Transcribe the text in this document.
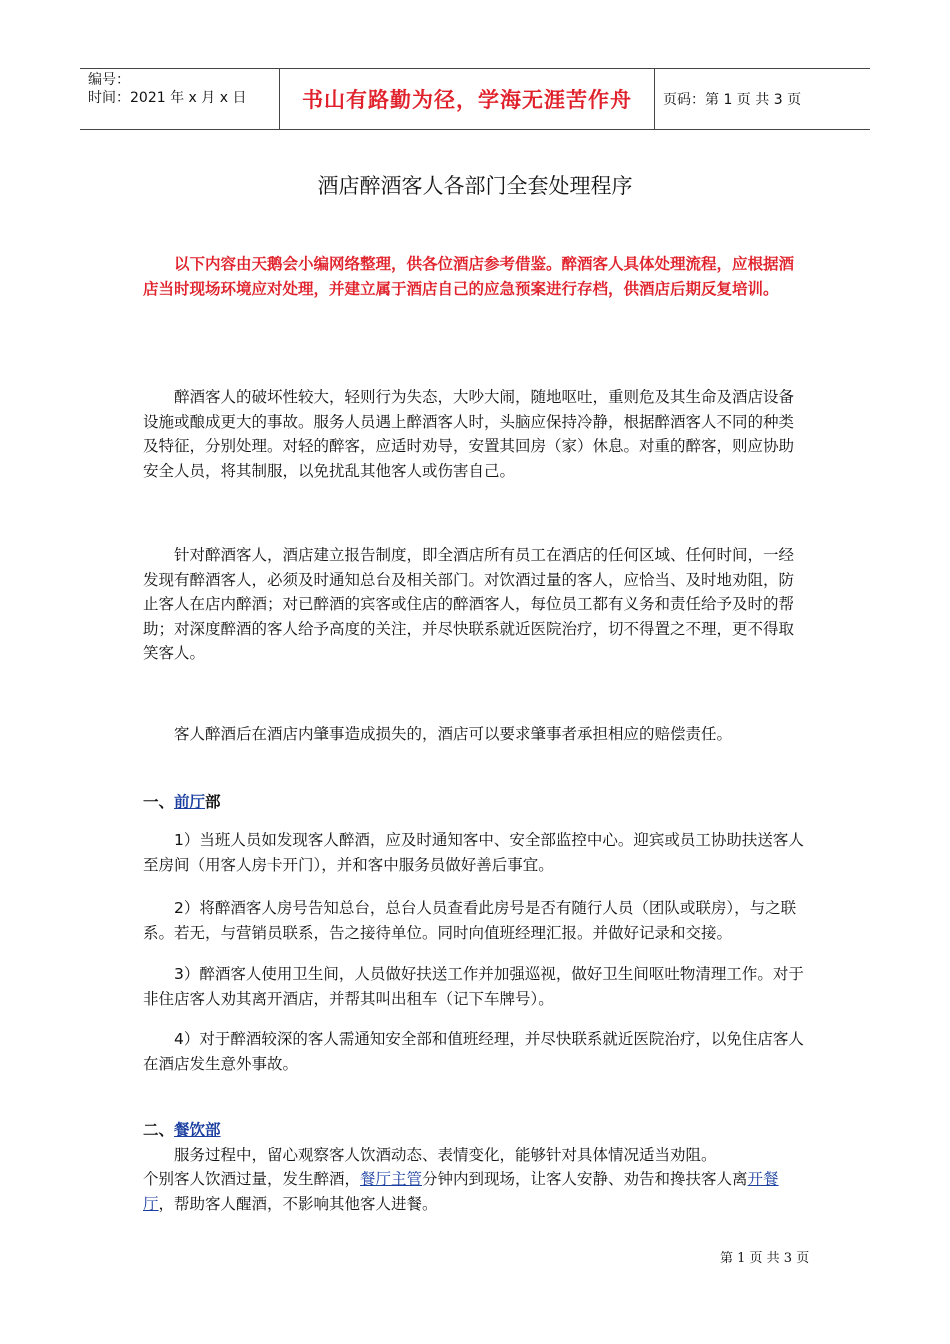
编号：
时间：2021 年 x 月 x 日	书山有路勤为径，学海无涯苦作舟	页码：第 1 页 共 3 页
酒店醉酒客人各部门全套处理程序

以下内容由天鹅会小编网络整理，供各位酒店参考借鉴。醉酒客人具体处理流程，应根据酒店当时现场环境应对处理，并建立属于酒店自己的应急预案进行存档，供酒店后期反复培训。

醉酒客人的破坏性较大，轻则行为失态，大吵大闹，随地呕吐，重则危及其生命及酒店设备设施或酿成更大的事故。服务人员遇上醉酒客人时，头脑应保持冷静，根据醉酒客人不同的种类及特征，分别处理。对轻的醉客，应适时劝导，安置其回房（家）休息。对重的醉客，则应协助安全人员，将其制服，以免扰乱其他客人或伤害自己。

针对醉酒客人，酒店建立报告制度，即全酒店所有员工在酒店的任何区域、任何时间，一经发现有醉酒客人，必须及时通知总台及相关部门。对饮酒过量的客人，应恰当、及时地劝阻，防止客人在店内醉酒；对已醉酒的宾客或住店的醉酒客人，每位员工都有义务和责任给予及时的帮助；对深度醉酒的客人给予高度的关注，并尽快联系就近医院治疗，切不得置之不理，更不得取笑客人。

客人醉酒后在酒店内肇事造成损失的，酒店可以要求肇事者承担相应的赔偿责任。

一、前厅部

1）当班人员如发现客人醉酒，应及时通知客中、安全部监控中心。迎宾或员工协助扶送客人至房间（用客人房卡开门），并和客中服务员做好善后事宜。

2）将醉酒客人房号告知总台，总台人员查看此房号是否有随行人员（团队或联房），与之联系。若无，与营销员联系，告之接待单位。同时向值班经理汇报。并做好记录和交接。

3）醉酒客人使用卫生间，人员做好扶送工作并加强巡视，做好卫生间呕吐物清理工作。对于非住店客人劝其离开酒店，并帮其叫出租车（记下车牌号）。

4）对于醉酒较深的客人需通知安全部和值班经理，并尽快联系就近医院治疗，以免住店客人在酒店发生意外事故。

二、餐饮部

服务过程中，留心观察客人饮酒动态、表情变化，能够针对具体情况适当劝阻。

个别客人饮酒过量，发生醉酒，餐厅主管分钟内到现场，让客人安静、劝告和搀扶客人离开餐厅，帮助客人醒酒，不影响其他客人进餐。

第 1 页 共 3 页
